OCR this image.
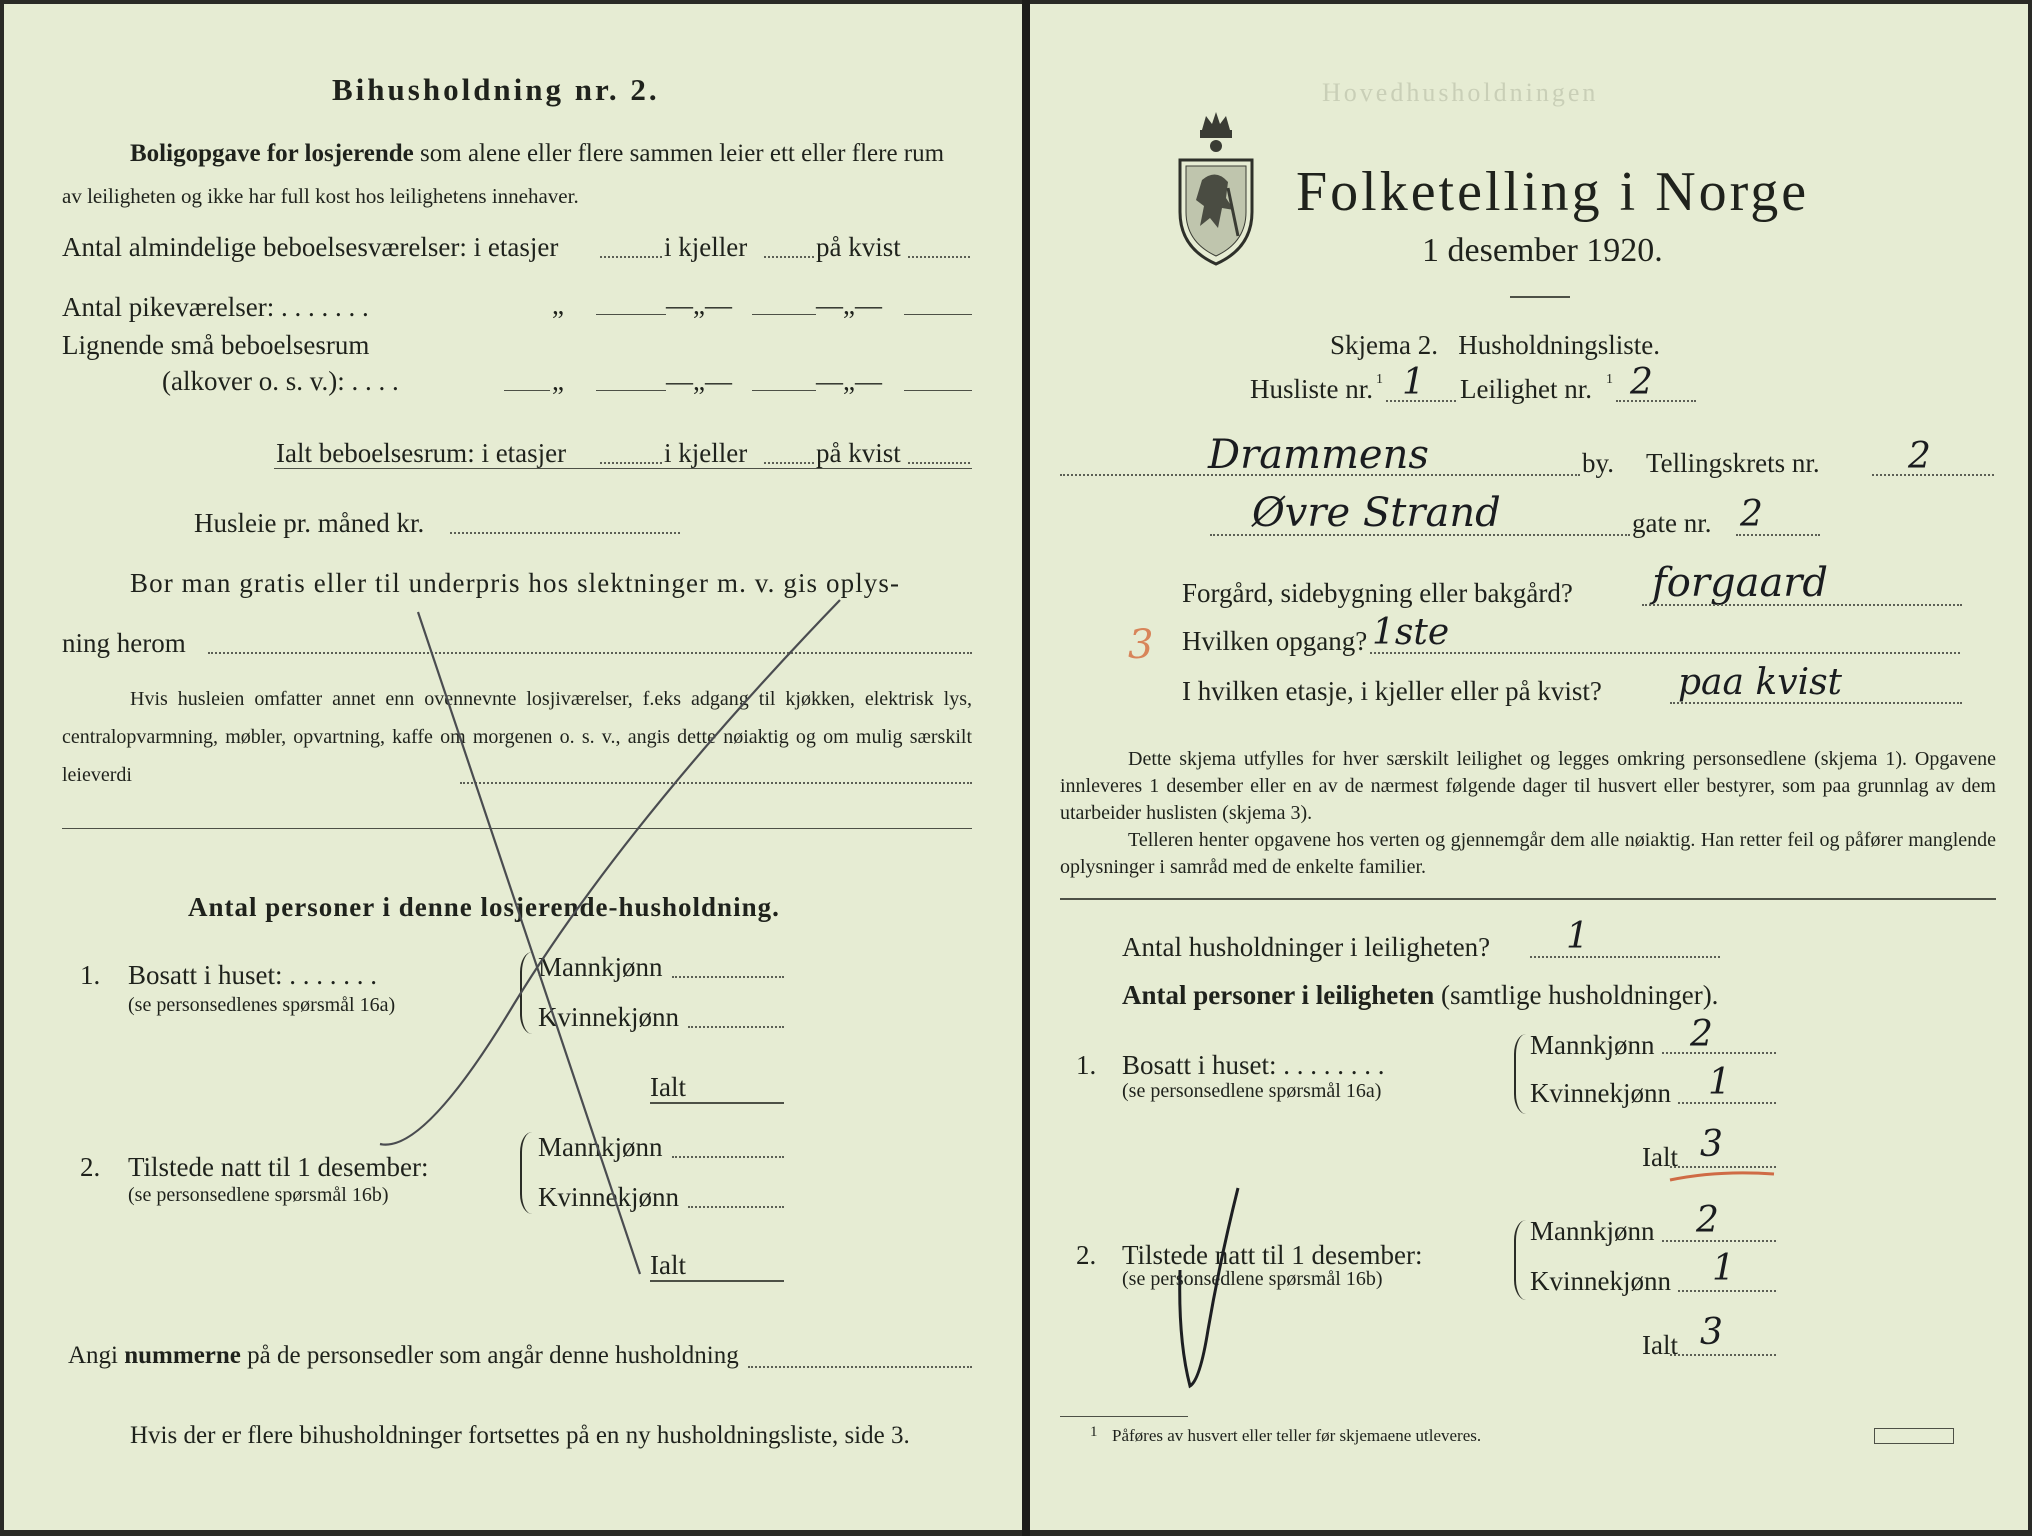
Bihusholdning nr. 2.
Boligopgave for losjerende som alene eller flere sammen leier ett eller flere rum
av leiligheten og ikke har full kost hos leilighetens innehaver.
Antal almindelige beboelsesværelser: i etasjer	i kjeller	på kvist
Antal pikeværelser: . . . . . . .	„	—„—	—„—
Lignende små beboelsesrum
(alkover o. s. v.): . . . .	„	—„—	—„—
Ialt beboelsesrum: i etasjer	i kjeller	på kvist
Husleie pr. måned kr.
Bor man gratis eller til underpris hos slektninger m. v. gis oplys-
ning herom
Hvis husleien omfatter annet enn ovennevnte losjiværelser, f.eks adgang til kjøkken, elektrisk lys, centralopvarmning, møbler, opvartning, kaffe om morgenen o. s. v., angis dette nøiaktig og om mulig særskilt leieverdi
Antal personer i denne losjerende-husholdning.
1. Bosatt i huset: . . . . . . .
(se personsedlenes spørsmål 16a)
Mannkjønn
Kvinnekjønn
Ialt
2. Tilstede natt til 1 desember:
(se personsedlene spørsmål 16b)
Mannkjønn
Kvinnekjønn
Ialt
Angi nummerne på de personsedler som angår denne husholdning
Hvis der er flere bihusholdninger fortsettes på en ny husholdningsliste, side 3.
Hovedhusholdningen
Folketelling i Norge
1 desember 1920.
Skjema 2.   Husholdningsliste.
Husliste nr. 1 1 Leilighet nr. 1 2
Drammens	by. Tellingskrets nr. 2
Øvre Strand	gate nr. 2
Forgård, sidebygning eller bakgård? forgaard
3 Hvilken opgang? 1ste
I hvilken etasje, i kjeller eller på kvist? paa kvist
Dette skjema utfylles for hver særskilt leilighet og legges omkring personsedlene (skjema 1). Opgavene innleveres 1 desember eller en av de nærmest følgende dager til husvert eller bestyrer, som paa grunnlag av dem utarbeider huslisten (skjema 3).
Telleren henter opgavene hos verten og gjennemgår dem alle nøiaktig. Han retter feil og påfører manglende oplysninger i samråd med de enkelte familier.
Antal husholdninger i leiligheten? 1
Antal personer i leiligheten (samtlige husholdninger).
1. Bosatt i huset: . . . . . . . .
(se personsedlene spørsmål 16a)
Mannkjønn 2
Kvinnekjønn 1
Ialt 3
2. Tilstede natt til 1 desember:
(se personsedlene spørsmål 16b)
Mannkjønn 2
Kvinnekjønn 1
Ialt 3
1 Påføres av husvert eller teller før skjemaene utleveres.
